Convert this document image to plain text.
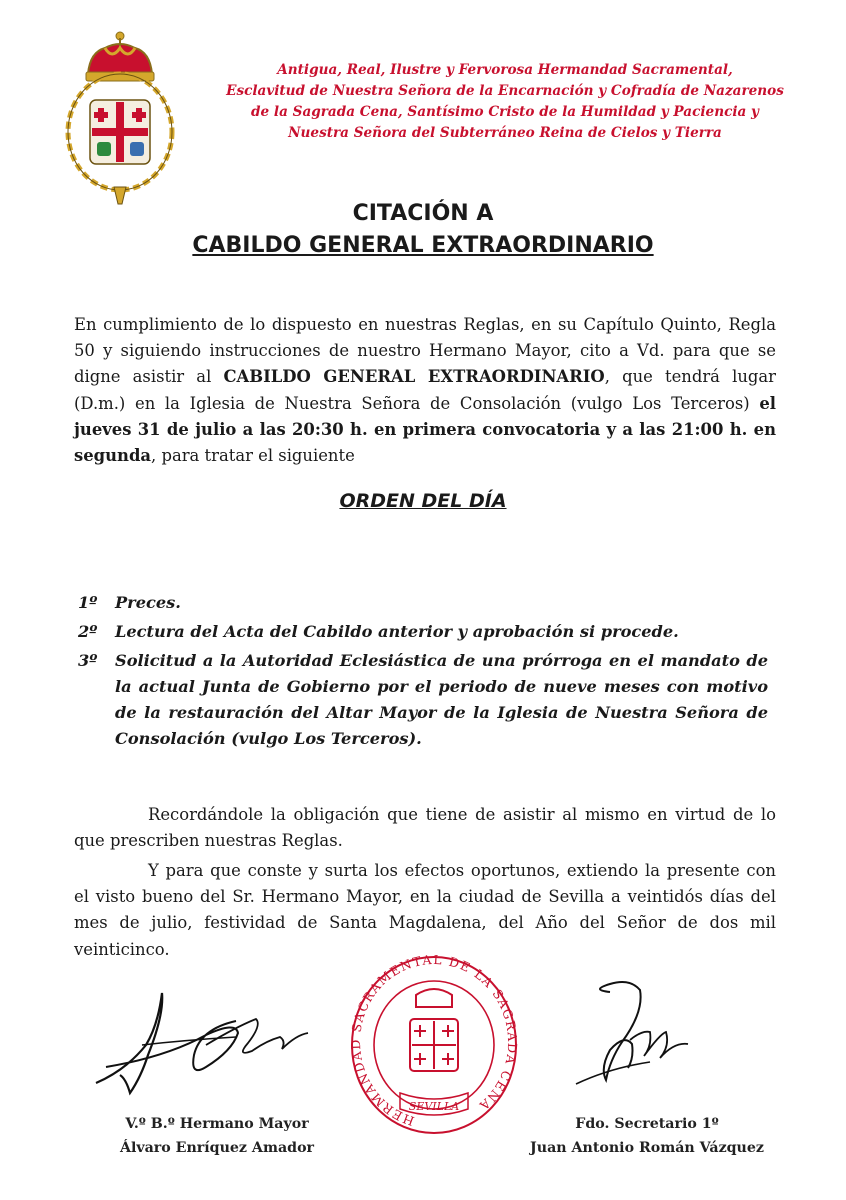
Antigua, Real, Ilustre y Fervorosa Hermandad Sacramental,
Esclavitud de Nuestra Señora de la Encarnación y Cofradía de Nazarenos
de la Sagrada Cena, Santísimo Cristo de la Humildad y Paciencia y
Nuestra Señora del Subterráneo Reina de Cielos y Tierra
CITACIÓN A
CABILDO GENERAL EXTRAORDINARIO
En cumplimiento de lo dispuesto en nuestras Reglas, en su Capítulo Quinto, Regla 50 y siguiendo instrucciones de nuestro Hermano Mayor, cito a Vd. para que se digne asistir al CABILDO GENERAL EXTRAORDINARIO, que tendrá lugar (D.m.) en la Iglesia de Nuestra Señora de Consolación (vulgo Los Terceros) el jueves 31 de julio a las 20:30 h. en primera convocatoria y a las 21:00 h. en segunda, para tratar el siguiente
ORDEN DEL DÍA
1º Preces.
2º Lectura del Acta del Cabildo anterior y aprobación si procede.
3º Solicitud a la Autoridad Eclesiástica de una prórroga en el mandato de la actual Junta de Gobierno por el periodo de nueve meses con motivo de la restauración del Altar Mayor de la Iglesia de Nuestra Señora de Consolación (vulgo Los Terceros).
Recordándole la obligación que tiene de asistir al mismo en virtud de lo que prescriben nuestras Reglas.
Y para que conste y surta los efectos oportunos, extiendo la presente con el visto bueno del Sr. Hermano Mayor, en la ciudad de Sevilla a veintidós días del mes de julio, festividad de Santa Magdalena, del Año del Señor de dos mil veinticinco.
HERMANDA SACRAMENTAL DE LA SAGR A CENA
SEVILLA
V.º B.º Hermano Mayor
Álvaro Enríquez Amador
Fdo. Secretario 1º
Juan Antonio Román Vázquez
